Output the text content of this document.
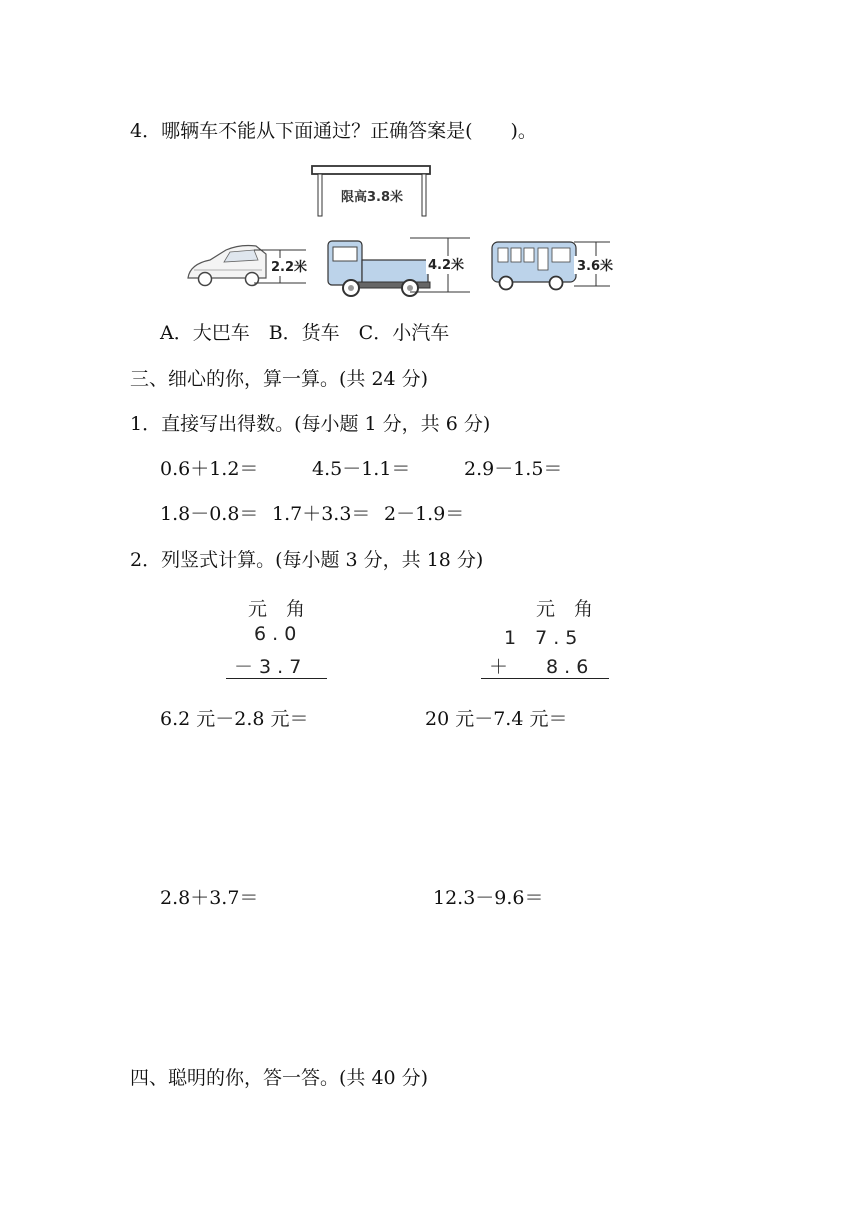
4．哪辆车不能从下面通过？正确答案是(　　)。
限高3.8米
2.2米	4.2米	3.6米
A．大巴车　B．货车　C．小汽车
三、细心的你，算一算。(共 24 分)
1．直接写出得数。(每小题 1 分，共 6 分)
0.6＋1.2＝	4.5－1.1＝	2.9－1.5＝
1.8－0.8＝ 1.7＋3.3＝ 2－1.9＝
2．列竖式计算。(每小题 3 分，共 18 分)
元　角
6 . 0
－ 3 . 7
元　角
1　7 . 5
＋　　8 . 6
6.2 元－2.8 元＝	20 元－7.4 元＝
2.8＋3.7＝	12.3－9.6＝
四、聪明的你，答一答。(共 40 分)
